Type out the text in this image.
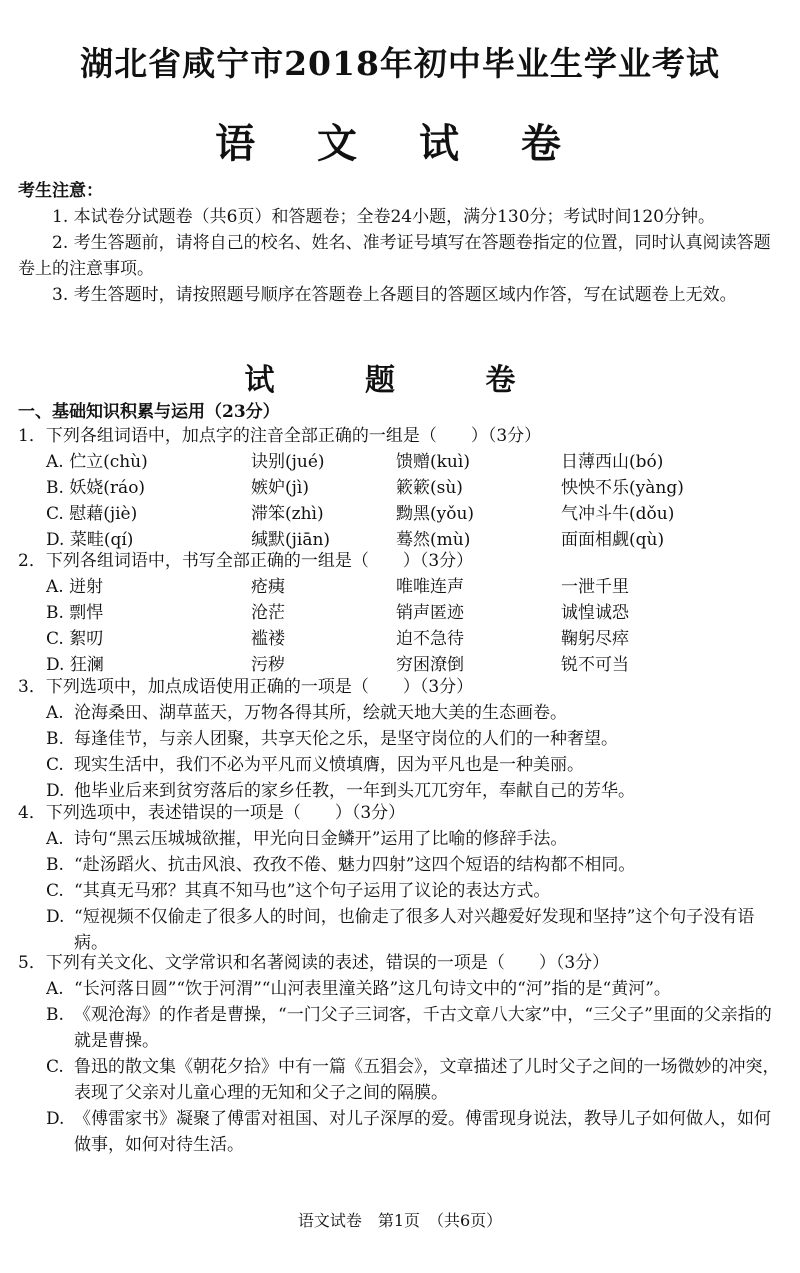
湖北省咸宁市2018年初中毕业生学业考试
语 文 试 卷
考生注意：

1. 本试卷分试题卷（共6页）和答题卷；全卷24小题，满分130分；考试时间120分钟。

2. 考生答题前，请将自己的校名、姓名、准考证号填写在答题卷指定的位置，同时认真阅读答题卷上的注意事项。

3. 考生答题时，请按照题号顺序在答题卷上各题目的答题区域内作答，写在试题卷上无效。

试 题 卷
一、基础知识积累与运用（23分）
1．下列各组词语中，加点字的注音全部正确的一组是（　　）（3分）
A. 伫立(chù)	诀别(jué)	馈赠(kuì)	日薄西山(bó)
B. 妖娆(ráo)	嫉妒(jì)	簌簌(sù)	怏怏不乐(yàng)
C. 慰藉(jiè)	滞笨(zhì)	黝黑(yǒu)	气冲斗牛(dǒu)
D. 菜畦(qí)	缄默(jiān)	蓦然(mù)	面面相觑(qù)
2．下列各组词语中，书写全部正确的一组是（　　）（3分）
A. 迸射	疮痍	唯唯连声	一泄千里
B. 剽悍	沧茫	销声匿迹	诚惶诚恐
C. 絮叨	褴褛	迫不急待	鞠躬尽瘁
D. 狂澜	污秽	穷困潦倒	锐不可当
3．下列选项中，加点成语使用正确的一项是（　　）（3分）
A. 沧海桑田、湖草蓝天，万物各得其所，绘就天地大美的生态画卷。
B. 每逢佳节，与亲人团聚，共享天伦之乐，是坚守岗位的人们的一种奢望。
C. 现实生活中，我们不必为平凡而义愤填膺，因为平凡也是一种美丽。
D. 他毕业后来到贫穷落后的家乡任教，一年到头兀兀穷年，奉献自己的芳华。
4．下列选项中，表述错误的一项是（　　）（3分）
A. 诗句“黑云压城城欲摧，甲光向日金鳞开”运用了比喻的修辞手法。
B. “赴汤蹈火、抗击风浪、孜孜不倦、魅力四射”这四个短语的结构都不相同。
C. “其真无马邪？其真不知马也”这个句子运用了议论的表达方式。
D. “短视频不仅偷走了很多人的时间，也偷走了很多人对兴趣爱好发现和坚持”这个句子没有语病。
5．下列有关文化、文学常识和名著阅读的表述，错误的一项是（　　）（3分）
A. “长河落日圆”“饮于河渭”“山河表里潼关路”这几句诗文中的“河”指的是“黄河”。
B. 《观沧海》的作者是曹操，“一门父子三词客，千古文章八大家”中，“三父子”里面的父亲指的就是曹操。
C. 鲁迅的散文集《朝花夕拾》中有一篇《五猖会》，文章描述了儿时父子之间的一场微妙的冲突，表现了父亲对儿童心理的无知和父子之间的隔膜。
D. 《傅雷家书》凝聚了傅雷对祖国、对儿子深厚的爱。傅雷现身说法，教导儿子如何做人，如何做事，如何对待生活。
语文试卷　第1页　（共6页）
